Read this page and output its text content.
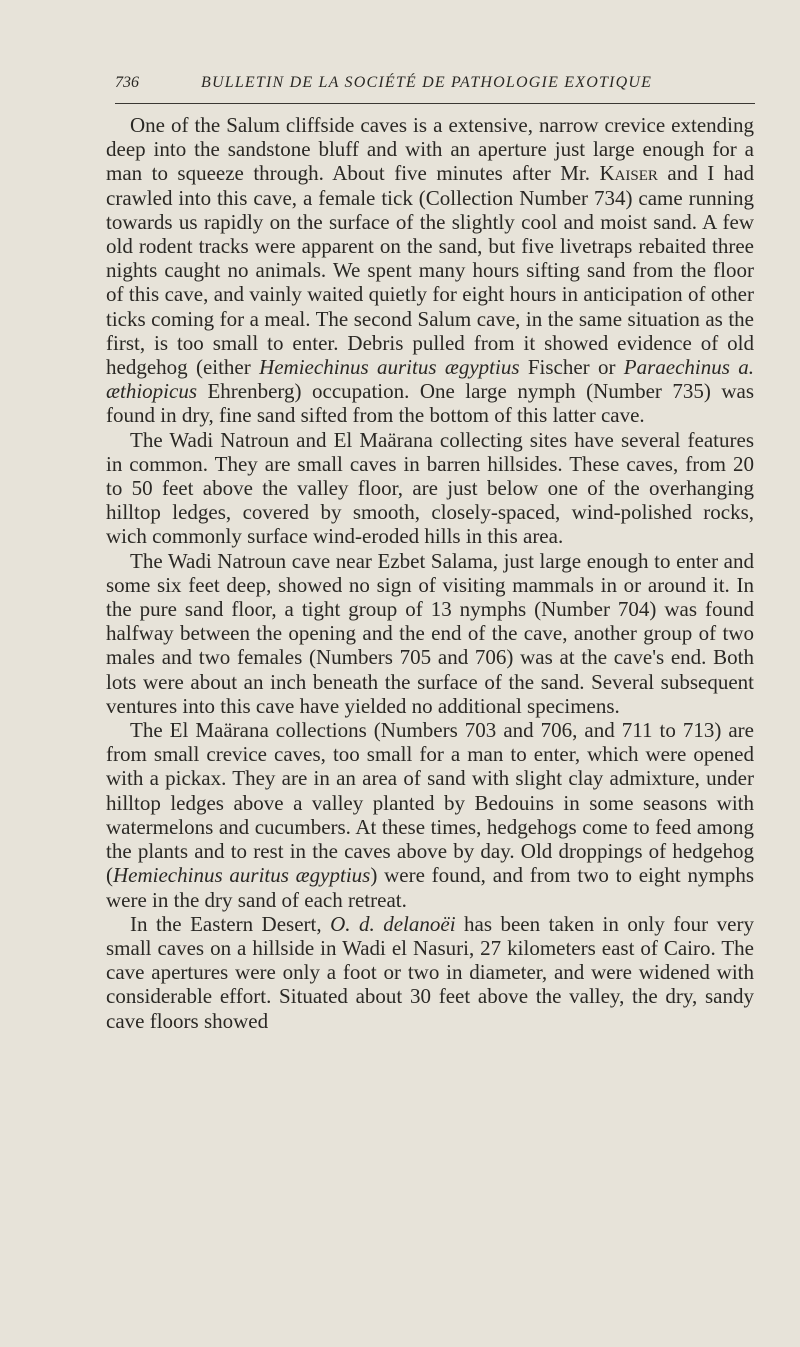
736	BULLETIN DE LA SOCIÉTÉ DE PATHOLOGIE EXOTIQUE

One of the Salum cliffside caves is a extensive, narrow crevice extending deep into the sandstone bluff and with an aperture just large enough for a man to squeeze through. About five minutes after Mr. Kaiser and I had crawled into this cave, a female tick (Collection Number 734) came running towards us rapidly on the surface of the slightly cool and moist sand. A few old rodent tracks were apparent on the sand, but five livetraps rebaited three nights caught no animals. We spent many hours sifting sand from the floor of this cave, and vainly waited quietly for eight hours in anticipation of other ticks coming for a meal. The second Salum cave, in the same situation as the first, is too small to enter. Debris pulled from it showed evidence of old hedgehog (either Hemiechinus auritus ægyptius Fischer or Paraechinus a. æthiopicus Ehrenberg) occupation. One large nymph (Number 735) was found in dry, fine sand sifted from the bottom of this latter cave.

The Wadi Natroun and El Maärana collecting sites have several features in common. They are small caves in barren hillsides. These caves, from 20 to 50 feet above the valley floor, are just below one of the overhanging hilltop ledges, covered by smooth, closely-spaced, wind-polished rocks, wich commonly surface wind-eroded hills in this area.

The Wadi Natroun cave near Ezbet Salama, just large enough to enter and some six feet deep, showed no sign of visiting mammals in or around it. In the pure sand floor, a tight group of 13 nymphs (Number 704) was found halfway between the opening and the end of the cave, another group of two males and two females (Numbers 705 and 706) was at the cave's end. Both lots were about an inch beneath the surface of the sand. Several subsequent ventures into this cave have yielded no additional specimens.

The El Maärana collections (Numbers 703 and 706, and 711 to 713) are from small crevice caves, too small for a man to enter, which were opened with a pickax. They are in an area of sand with slight clay admixture, under hilltop ledges above a valley planted by Bedouins in some seasons with watermelons and cucumbers. At these times, hedgehogs come to feed among the plants and to rest in the caves above by day. Old droppings of hedgehog (Hemiechinus auritus ægyptius) were found, and from two to eight nymphs were in the dry sand of each retreat.

In the Eastern Desert, O. d. delanoëi has been taken in only four very small caves on a hillside in Wadi el Nasuri, 27 kilometers east of Cairo. The cave apertures were only a foot or two in diameter, and were widened with considerable effort. Situated about 30 feet above the valley, the dry, sandy cave floors showed
